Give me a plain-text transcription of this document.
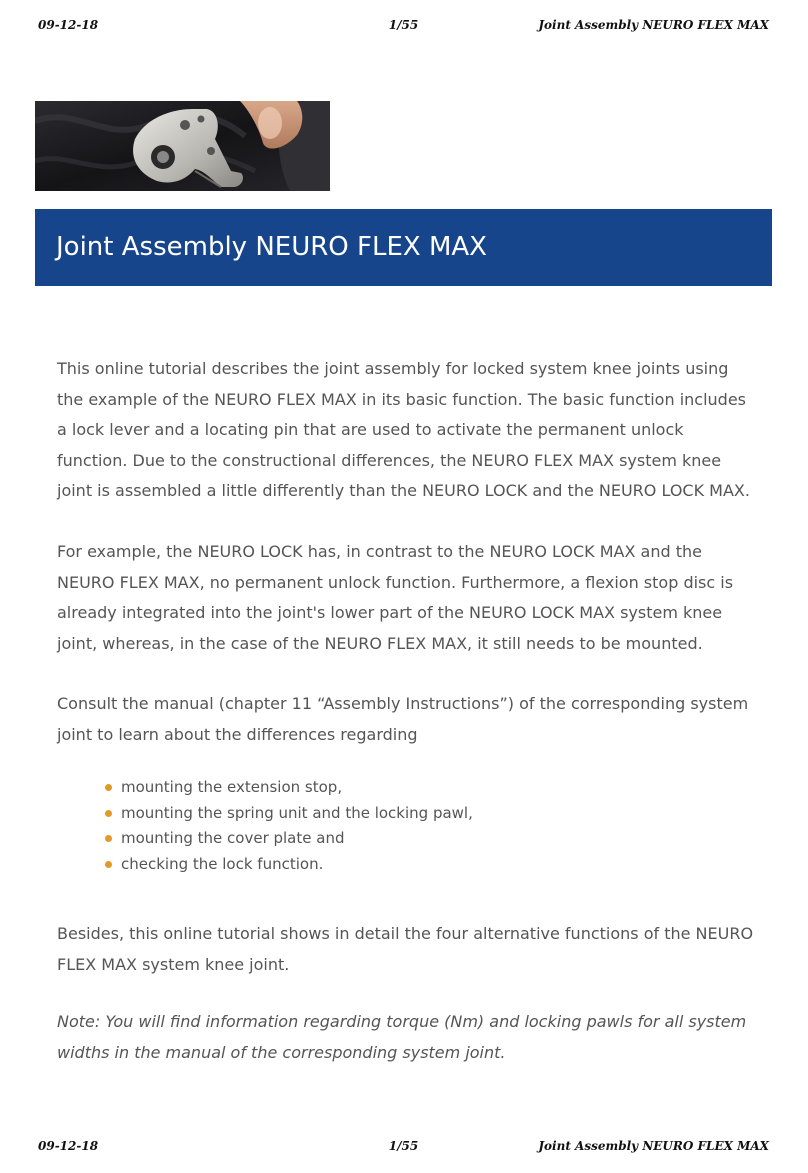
09-12-18	1/55	Joint Assembly NEURO FLEX MAX
Joint Assembly NEURO FLEX MAX

This online tutorial describes the joint assembly for locked system knee joints using the example of the NEURO FLEX MAX in its basic function. The basic function includes a lock lever and a locating pin that are used to activate the permanent unlock function. Due to the constructional differences, the NEURO FLEX MAX system knee joint is assembled a little differently than the NEURO LOCK and the NEURO LOCK MAX.

For example, the NEURO LOCK has, in contrast to the NEURO LOCK MAX and the NEURO FLEX MAX, no permanent unlock function. Furthermore, a flexion stop disc is already integrated into the joint's lower part of the NEURO LOCK MAX system knee joint, whereas, in the case of the NEURO FLEX MAX, it still needs to be mounted.

Consult the manual (chapter 11 “Assembly Instructions”) of the corresponding system joint to learn about the differences regarding

mounting the extension stop,
mounting the spring unit and the locking pawl,
mounting the cover plate and
checking the lock function.

Besides, this online tutorial shows in detail the four alternative functions of the NEURO FLEX MAX system knee joint.

Note: You will find information regarding torque (Nm) and locking pawls for all system widths in the manual of the corresponding system joint.

09-12-18	1/55	Joint Assembly NEURO FLEX MAX
